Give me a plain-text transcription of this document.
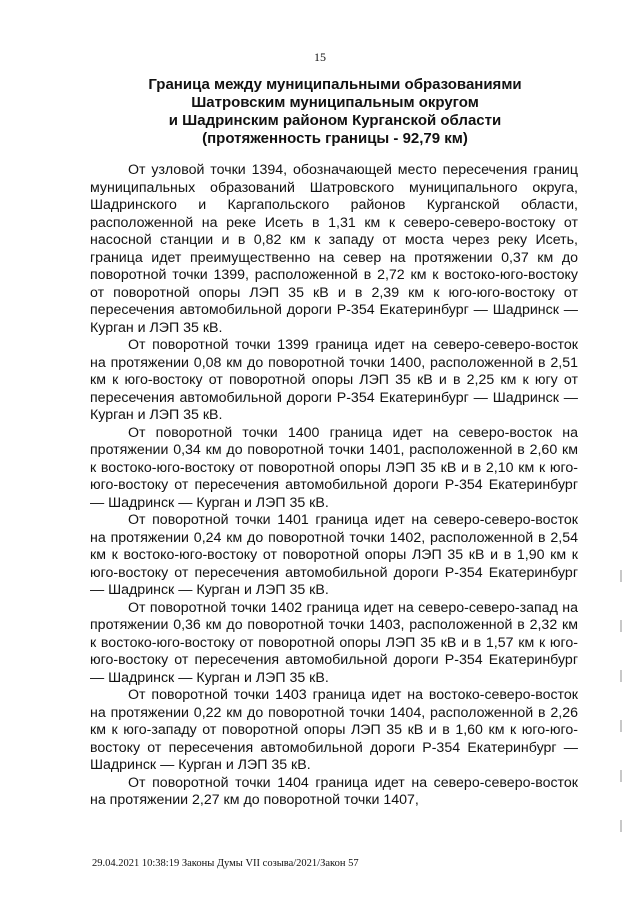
15
Граница между муниципальными образованиями
Шатровским муниципальным округом
и Шадринским районом Курганской области
(протяженность границы - 92,79 км)

От узловой точки 1394, обозначающей место пересечения границ муниципальных образований Шатровского муниципального округа, Шадринского и Каргапольского районов Курганской области, расположенной на реке Исеть в 1,31 км к северо-северо-востоку от насосной станции и в 0,82 км к западу от моста через реку Исеть, граница идет преимущественно на север на протяжении 0,37 км до поворотной точки 1399, расположенной в 2,72 км к востоко-юго-востоку от поворотной опоры ЛЭП 35 кВ и в 2,39 км к юго-юго-востоку от пересечения автомобильной дороги Р-354 Екатеринбург — Шадринск — Курган и ЛЭП 35 кВ.

От поворотной точки 1399 граница идет на северо-северо-восток на протяжении 0,08 км до поворотной точки 1400, расположенной в 2,51 км к юго-востоку от поворотной опоры ЛЭП 35 кВ и в 2,25 км к югу от пересечения автомобильной дороги Р-354 Екатеринбург — Шадринск — Курган и ЛЭП 35 кВ.

От поворотной точки 1400 граница идет на северо-восток на протяжении 0,34 км до поворотной точки 1401, расположенной в 2,60 км к востоко-юго-востоку от поворотной опоры ЛЭП 35 кВ и в 2,10 км к юго-юго-востоку от пересечения автомобильной дороги Р-354 Екатеринбург — Шадринск — Курган и ЛЭП 35 кВ.

От поворотной точки 1401 граница идет на северо-северо-восток на протяжении 0,24 км до поворотной точки 1402, расположенной в 2,54 км к востоко-юго-востоку от поворотной опоры ЛЭП 35 кВ и в 1,90 км к юго-востоку от пересечения автомобильной дороги Р-354 Екатеринбург — Шадринск — Курган и ЛЭП 35 кВ.

От поворотной точки 1402 граница идет на северо-северо-запад на протяжении 0,36 км до поворотной точки 1403, расположенной в 2,32 км к востоко-юго-востоку от поворотной опоры ЛЭП 35 кВ и в 1,57 км к юго-юго-востоку от пересечения автомобильной дороги Р-354 Екатеринбург — Шадринск — Курган и ЛЭП 35 кВ.

От поворотной точки 1403 граница идет на востоко-северо-восток на протяжении 0,22 км до поворотной точки 1404, расположенной в 2,26 км к юго-западу от поворотной опоры ЛЭП 35 кВ и в 1,60 км к юго-юго-востоку от пересечения автомобильной дороги Р-354 Екатеринбург — Шадринск — Курган и ЛЭП 35 кВ.

От поворотной точки 1404 граница идет на северо-северо-восток на протяжении 2,27 км до поворотной точки 1407,

29.04.2021 10:38:19 Законы Думы VII созыва/2021/Закон 57
